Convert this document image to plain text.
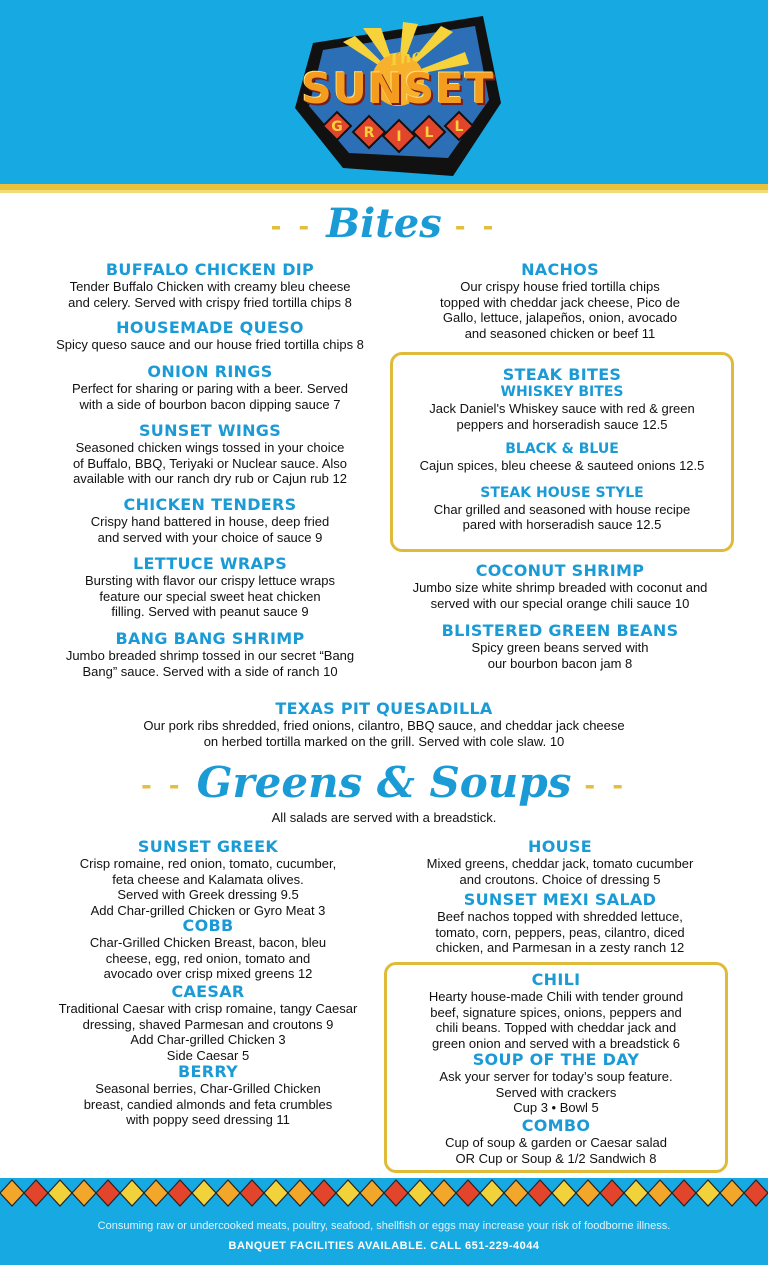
G R I L L
The
SUNSET
- - Bites - -
BUFFALO CHICKEN DIP

Tender Buffalo Chicken with creamy bleu cheese
and celery. Served with crispy fried tortilla chips 8

HOUSEMADE QUESO

Spicy queso sauce and our house fried tortilla chips 8

ONION RINGS

Perfect for sharing or paring with a beer. Served
with a side of bourbon bacon dipping sauce 7

SUNSET WINGS

Seasoned chicken wings tossed in your choice
of Buffalo, BBQ, Teriyaki or Nuclear sauce. Also
available with our ranch dry rub or Cajun rub 12

CHICKEN TENDERS

Crispy hand battered in house, deep fried
and served with your choice of sauce 9

LETTUCE WRAPS

Bursting with flavor our crispy lettuce wraps
feature our special sweet heat chicken
filling. Served with peanut sauce 9

BANG BANG SHRIMP

Jumbo breaded shrimp tossed in our secret “Bang
Bang” sauce. Served with a side of ranch 10

NACHOS

Our crispy house fried tortilla chips
topped with cheddar jack cheese, Pico de
Gallo, lettuce, jalapeños, onion, avocado
and seasoned chicken or beef 11

STEAK BITES
WHISKEY BITES

Jack Daniel's Whiskey sauce with red & green
peppers and horseradish sauce 12.5

BLACK & BLUE

Cajun spices, bleu cheese & sauteed onions 12.5

STEAK HOUSE STYLE

Char grilled and seasoned with house recipe
pared with horseradish sauce 12.5

COCONUT SHRIMP

Jumbo size white shrimp breaded with coconut and
served with our special orange chili sauce 10

BLISTERED GREEN BEANS

Spicy green beans served with
our bourbon bacon jam 8

TEXAS PIT QUESADILLA

Our pork ribs shredded, fried onions, cilantro, BBQ sauce, and cheddar jack cheese
on herbed tortilla marked on the grill. Served with cole slaw. 10

- - Greens & Soups - -
All salads are served with a breadstick.
SUNSET GREEK

Crisp romaine, red onion, tomato, cucumber,
feta cheese and Kalamata olives.
Served with Greek dressing 9.5
Add Char-grilled Chicken or Gyro Meat 3

COBB

Char-Grilled Chicken Breast, bacon, bleu
cheese, egg, red onion, tomato and
avocado over crisp mixed greens 12

CAESAR

Traditional Caesar with crisp romaine, tangy Caesar
dressing, shaved Parmesan and croutons 9
Add Char-grilled Chicken 3
Side Caesar 5

BERRY

Seasonal berries, Char-Grilled Chicken
breast, candied almonds and feta crumbles
with poppy seed dressing 11

HOUSE

Mixed greens, cheddar jack, tomato cucumber
and croutons. Choice of dressing 5

SUNSET MEXI SALAD

Beef nachos topped with shredded lettuce,
tomato, corn, peppers, peas, cilantro, diced
chicken, and Parmesan in a zesty ranch 12

CHILI

Hearty house-made Chili with tender ground
beef, signature spices, onions, peppers and
chili beans. Topped with cheddar jack and
green onion and served with a breadstick 6

SOUP OF THE DAY

Ask your server for today’s soup feature.
Served with crackers
Cup 3 • Bowl 5

COMBO

Cup of soup & garden or Caesar salad
OR Cup or Soup & 1/2 Sandwich 8

Consuming raw or undercooked meats, poultry, seafood, shellfish or eggs may increase your risk of foodborne illness.
BANQUET FACILITIES AVAILABLE. CALL 651-229-4044
